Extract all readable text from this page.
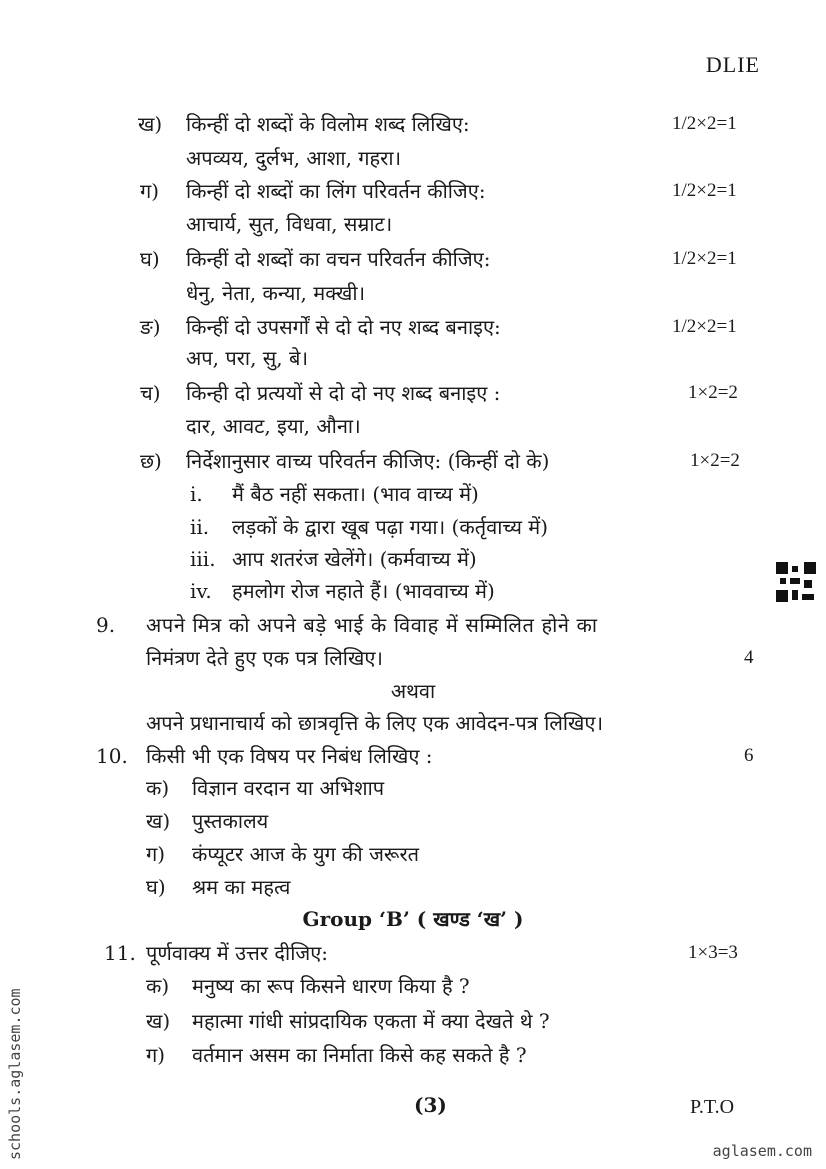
DLIE
ख) किन्हीं दो शब्दों के विलोम शब्द लिखिए:	1/2×2=1
अपव्यय, दुर्लभ, आशा, गहरा।
ग) किन्हीं दो शब्दों का लिंग परिवर्तन कीजिए:	1/2×2=1
आचार्य, सुत, विधवा, सम्राट।
घ) किन्हीं दो शब्दों का वचन परिवर्तन कीजिए:	1/2×2=1
धेनु, नेता, कन्या, मक्खी।
ङ) किन्हीं दो उपसर्गों से दो दो नए शब्द बनाइए:	1/2×2=1
अप, परा, सु, बे।
च) किन्ही दो प्रत्ययों से दो दो नए शब्द बनाइए :	1×2=2
दार, आवट, इया, औना।
छ) निर्देशानुसार वाच्य परिवर्तन कीजिए: (किन्हीं दो के)	1×2=2
i. मैं बैठ नहीं सकता। (भाव वाच्य में)
ii. लड़कों के द्वारा खूब पढ़ा गया। (कर्तृवाच्य में)
iii. आप शतरंज खेलेंगे। (कर्मवाच्य में)
iv. हमलोग रोज नहाते हैं। (भाववाच्य में)
9. अपने मित्र को अपने बड़े भाई के विवाह में सम्मिलित होने का
निमंत्रण देते हुए एक पत्र लिखिए।	4
अथवा
अपने प्रधानाचार्य को छात्रवृत्ति के लिए एक आवेदन-पत्र लिखिए।
10. किसी भी एक विषय पर निबंध लिखिए :	6
क) विज्ञान वरदान या अभिशाप
ख) पुस्तकालय
ग) कंप्यूटर आज के युग की जरूरत
घ) श्रम का महत्व
Group ‘B’ ( खण्ड ‘ख’ )
11. पूर्णवाक्य में उत्तर दीजिए:	1×3=3
क) मनुष्य का रूप किसने धारण किया है ?
ख) महात्मा गांधी सांप्रदायिक एकता में क्या देखते थे ?
ग) वर्तमान असम का निर्माता किसे कह सकते है ?
(3)	P.T.O
schools.aglasem.com	aglasem.com
